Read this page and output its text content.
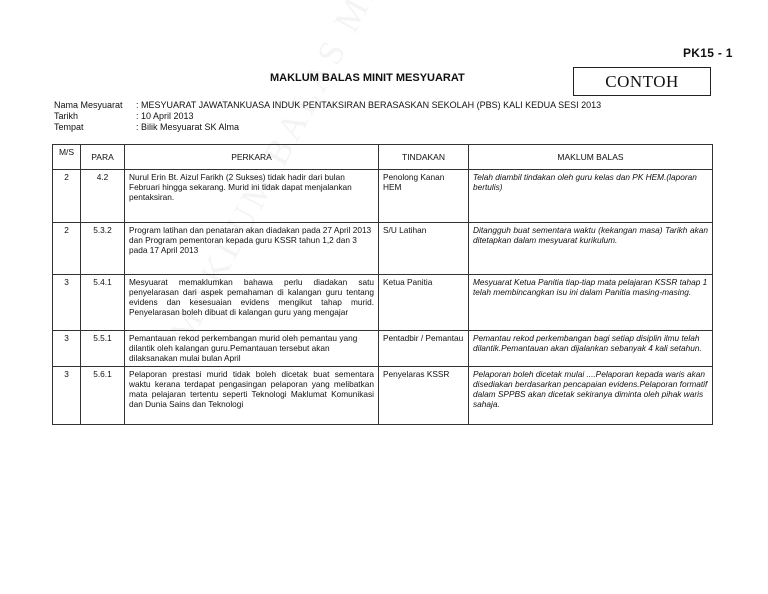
PK15 - 1
MAKLUM BALAS MINIT MESYUARAT	CONTOH
Nama Mesyuarat : MESYUARAT JAWATANKUASA INDUK PENTAKSIRAN BERASASKAN SEKOLAH (PBS) KALI KEDUA SESI 2013
Tarikh	: 10 April 2013
Tempat	: Bilik Mesyuarat SK Alma
M/S	PARA	PERKARA	TINDAKAN	MAKLUM BALAS
2	4.2	Nurul Erin Bt. Aizul Farikh (2 Sukses) tidak hadir dari bulan Februari hingga sekarang. Murid ini tidak dapat menjalankan pentaksiran.	Penolong Kanan HEM	Telah diambil tindakan oleh guru kelas dan PK HEM.(laporan bertulis)
2	5.3.2	Program latihan dan penataran akan diadakan pada 27 April 2013 dan Program pementoran kepada guru KSSR tahun 1,2 dan 3 pada 17 April 2013	S/U Latihan	Ditangguh buat sementara waktu (kekangan masa) Tarikh akan ditetapkan dalam mesyuarat kurikulum.
3	5.4.1	Mesyuarat memaklumkan bahawa perlu diadakan satu penyelarasan dari aspek pemahaman di kalangan guru tentang evidens dan kesesuaian evidens mengikut tahap murid. Penyelarasan boleh dibuat di kalangan guru yang mengajar	Ketua Panitia	Mesyuarat Ketua Panitia tiap-tiap mata pelajaran KSSR tahap 1 telah membincangkan isu ini dalam Panitia masing-masing.
3	5.5.1	Pemantauan rekod perkembangan murid oleh pemantau yang dilantik oleh kalangan guru.Pemantauan tersebut akan dilaksanakan mulai bulan April	Pentadbir / Pemantau	Pemantau rekod perkembangan bagi setiap disiplin ilmu telah dilantik.Pemantauan akan dijalankan sebanyak 4 kali setahun.
3	5.6.1	Pelaporan prestasi murid tidak boleh dicetak buat sementara waktu kerana terdapat pengasingan pelaporan yang melibatkan mata pelajaran tertentu seperti Teknologi Maklumat Komunikasi dan Dunia Sains dan Teknologi	Penyelaras KSSR	Pelaporan boleh dicetak mulai ....Pelaporan kepada waris akan disediakan berdasarkan pencapaian evidens.Pelaporan formatif dalam SPPBS akan dicetak sekiranya diminta oleh pihak waris sahaja.
